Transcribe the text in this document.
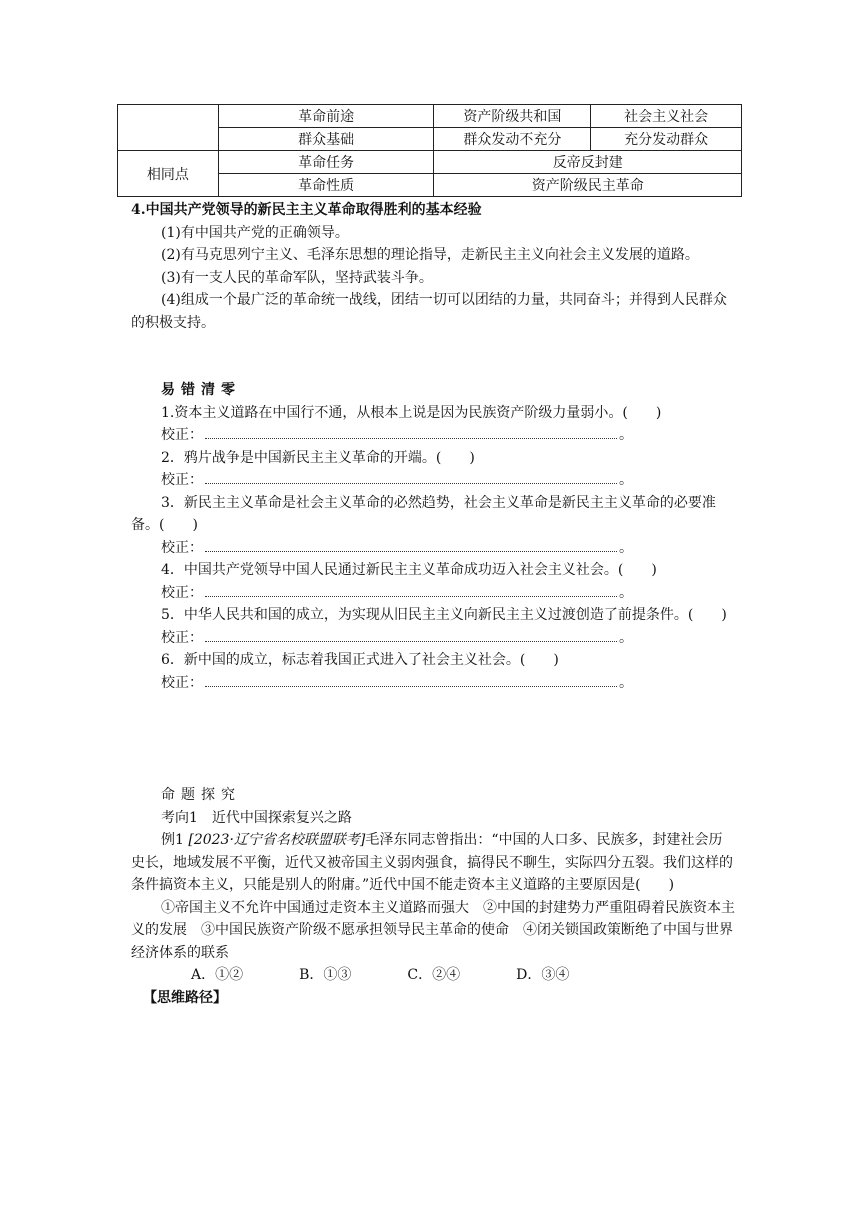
	革命前途	资产阶级共和国	社会主义社会
	群众基础	群众发动不充分	充分发动群众
相同点	革命任务	反帝反封建	
	革命性质	资产阶级民主革命	

4.中国共产党领导的新民主主义革命取得胜利的基本经验

(1)有中国共产党的正确领导。

(2)有马克思列宁主义、毛泽东思想的理论指导，走新民主主义向社会主义发展的道路。

(3)有一支人民的革命军队，坚持武装斗争。

(4)组成一个最广泛的革命统一战线，团结一切可以团结的力量，共同奋斗；并得到人民群众的积极支持。

易错清零

1.资本主义道路在中国行不通，从根本上说是因为民族资产阶级力量弱小。(　　)

校正：	。

2．鸦片战争是中国新民主主义革命的开端。(　　)

校正：	。

3．新民主主义革命是社会主义革命的必然趋势，社会主义革命是新民主主义革命的必要准备。(　　)

校正：	。

4．中国共产党领导中国人民通过新民主主义革命成功迈入社会主义社会。(　　)

校正：	。

5．中华人民共和国的成立，为实现从旧民主主义向新民主主义过渡创造了前提条件。(　　)

校正：	。

6．新中国的成立，标志着我国正式进入了社会主义社会。(　　)

校正：	。

命题探究

考向1　近代中国探索复兴之路

例1 [2023·辽宁省名校联盟联考]毛泽东同志曾指出：“中国的人口多、民族多，封建社会历史长，地域发展不平衡，近代又被帝国主义弱肉强食，搞得民不聊生，实际四分五裂。我们这样的条件搞资本主义，只能是别人的附庸。”近代中国不能走资本主义道路的主要原因是(　　)

①帝国主义不允许中国通过走资本主义道路而强大　②中国的封建势力严重阻碍着民族资本主义的发展　③中国民族资产阶级不愿承担领导民主革命的使命　④闭关锁国政策断绝了中国与世界经济体系的联系

A．①②	B．①③	C．②④	D．③④

【思维路径】
